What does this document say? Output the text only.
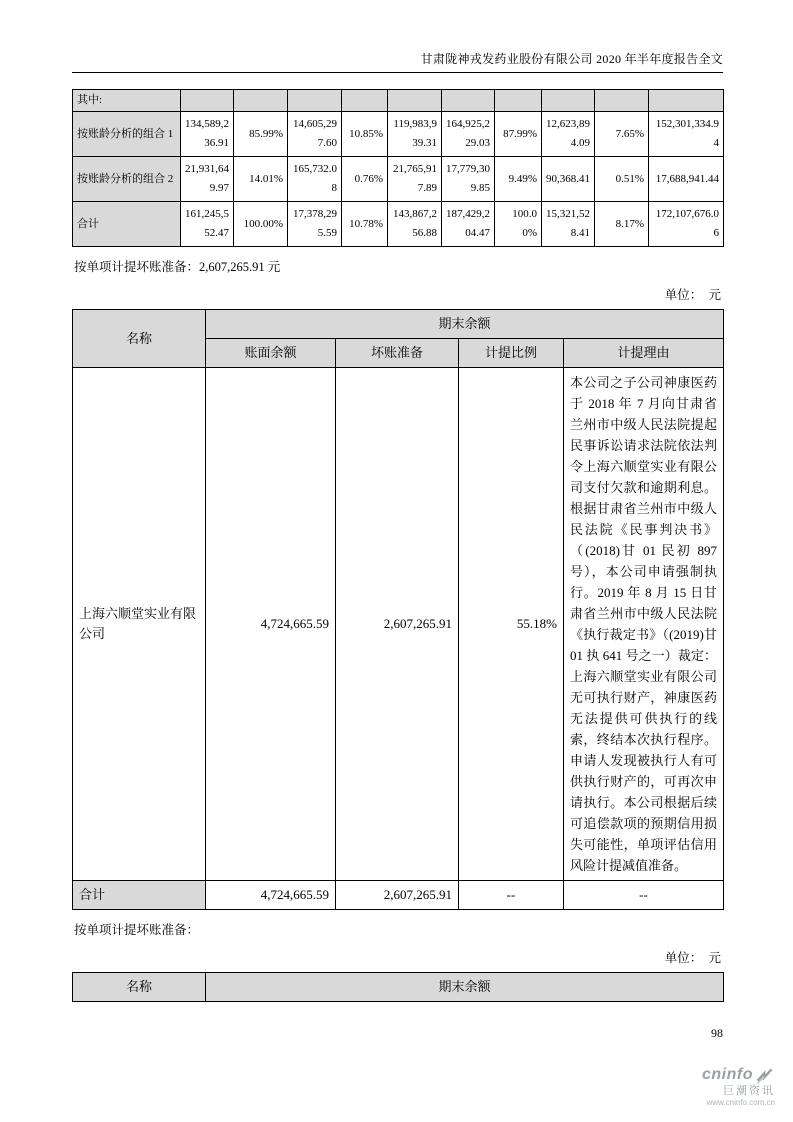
甘肃陇神戎发药业股份有限公司 2020 年半年度报告全文
其中:										
按账龄分析的组合 1	134,589,236.91	85.99%	14,605,297.60	10.85%	119,983,939.31	164,925,229.03	87.99%	12,623,894.09	7.65%	152,301,334.94
按账龄分析的组合 2	21,931,649.97	14.01%	165,732.08	0.76%	21,765,917.89	17,779,309.85	9.49%	90,368.41	0.51%	17,688,941.44
合计	161,245,552.47	100.00%	17,378,295.59	10.78%	143,867,256.88	187,429,204.47	100.00%	15,321,528.41	8.17%	172,107,676.06
按单项计提坏账准备：2,607,265.91 元
单位：　元
名称	期末余额			
	账面余额	坏账准备	计提比例	计提理由
上海六顺堂实业有限公司	4,724,665.59	2,607,265.91	55.18%	本公司之子公司神康医药于 2018 年 7 月向甘肃省兰州市中级人民法院提起民事诉讼请求法院依法判令上海六顺堂实业有限公司支付欠款和逾期利息。根据甘肃省兰州市中级人民法院《民事判决书》（(2018)甘 01 民初 897 号），本公司申请强制执行。2019 年 8 月 15 日甘肃省兰州市中级人民法院《执行裁定书》（(2019)甘 01 执 641 号之一）裁定：上海六顺堂实业有限公司无可执行财产，神康医药无法提供可供执行的线索，终结本次执行程序。申请人发现被执行人有可供执行财产的，可再次申请执行。本公司根据后续可追偿款项的预期信用损失可能性，单项评估信用风险计提减值准备。
合计	4,724,665.59	2,607,265.91	--	--
按单项计提坏账准备：
单位：　元
名称	期末余额
98
cninfo
巨潮资讯
www.cninfo.com.cn
